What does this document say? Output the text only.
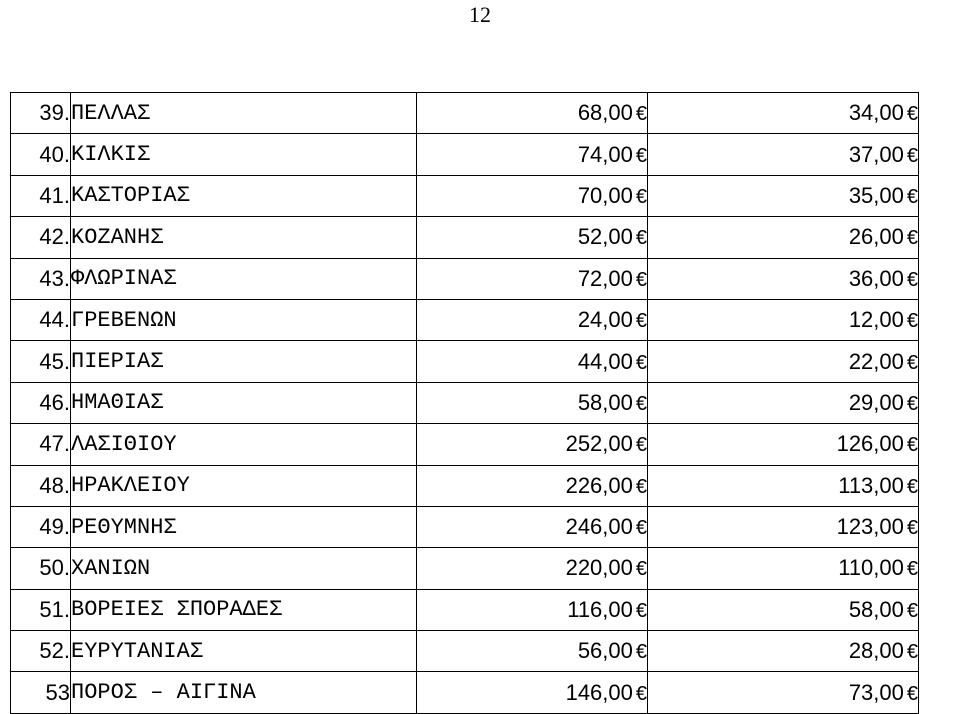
12
39.	ΠΕΛΛΑΣ	68,00 €	34,00 €
40.	ΚΙΛΚΙΣ	74,00 €	37,00 €
41.	ΚΑΣΤΟΡΙΑΣ	70,00 €	35,00 €
42.	ΚΟΖΑΝΗΣ	52,00 €	26,00 €
43.	ΦΛΩΡΙΝΑΣ	72,00 €	36,00 €
44.	ΓΡΕΒΕΝΩΝ	24,00 €	12,00 €
45.	ΠΙΕΡΙΑΣ	44,00 €	22,00 €
46.	ΗΜΑΘΙΑΣ	58,00 €	29,00 €
47.	ΛΑΣΙΘΙΟΥ	252,00 €	126,00 €
48.	ΗΡΑΚΛΕΙΟΥ	226,00 €	113,00 €
49.	ΡΕΘΥΜΝΗΣ	246,00 €	123,00 €
50.	ΧΑΝΙΩΝ	220,00 €	110,00 €
51.	ΒΟΡΕΙΕΣ ΣΠΟΡΑΔΕΣ	116,00 €	58,00 €
52.	ΕΥΡΥΤΑΝΙΑΣ	56,00 €	28,00 €
53	ΠΟΡΟΣ – ΑΙΓΙΝΑ	146,00 €	73,00 €
